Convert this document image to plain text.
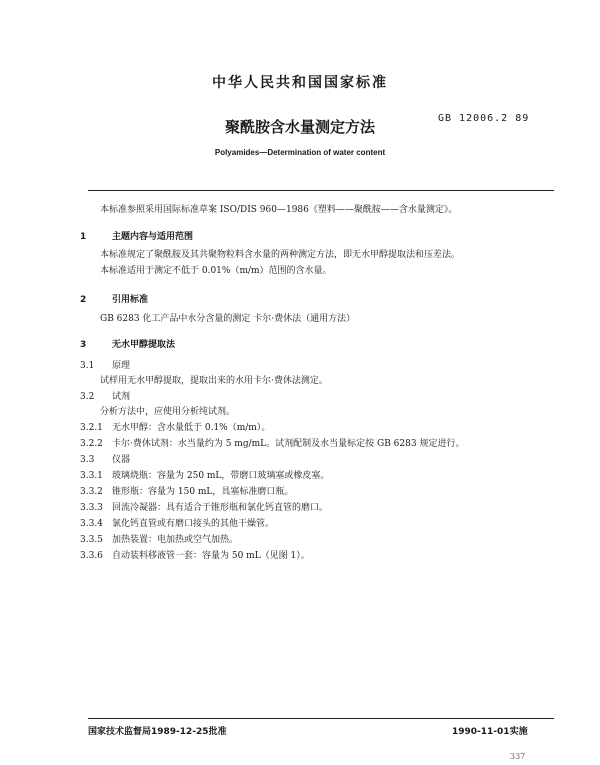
中华人民共和国国家标准
聚酰胺含水量测定方法	GB 12006.2 89
Polyamides—Determination of water content
本标准参照采用国际标准草案 ISO/DIS 960—1986《塑料——聚酰胺——含水量测定》。
1	主题内容与适用范围
本标准规定了聚酰胺及其共聚物粒料含水量的两种测定方法，即无水甲醇提取法和压差法。
本标准适用于测定不低于 0.01%（m/m）范围的含水量。
2	引用标准
GB 6283 化工产品中水分含量的测定 卡尔·费休法（通用方法）
3	无水甲醇提取法
3.1 原理
试样用无水甲醇提取，提取出来的水用卡尔·费休法测定。
3.2 试剂
分析方法中，应使用分析纯试剂。
3.2.1 无水甲醇：含水量低于 0.1%（m/m）。
3.2.2 卡尔·费休试剂：水当量约为 5 mg/mL。试剂配制及水当量标定按 GB 6283 规定进行。
3.3 仪器
3.3.1 玻璃烧瓶：容量为 250 mL，带磨口玻璃塞或橡皮塞。
3.3.2 锥形瓶：容量为 150 mL，具塞标准磨口瓶。
3.3.3 回流冷凝器：具有适合于锥形瓶和氯化钙直管的磨口。
3.3.4 氯化钙直管或有磨口接头的其他干燥管。
3.3.5 加热装置：电加热或空气加热。
3.3.6 自动装料移液管一套：容量为 50 mL（见图 1）。
国家技术监督局1989-12-25批准	1990-11-01实施
337
